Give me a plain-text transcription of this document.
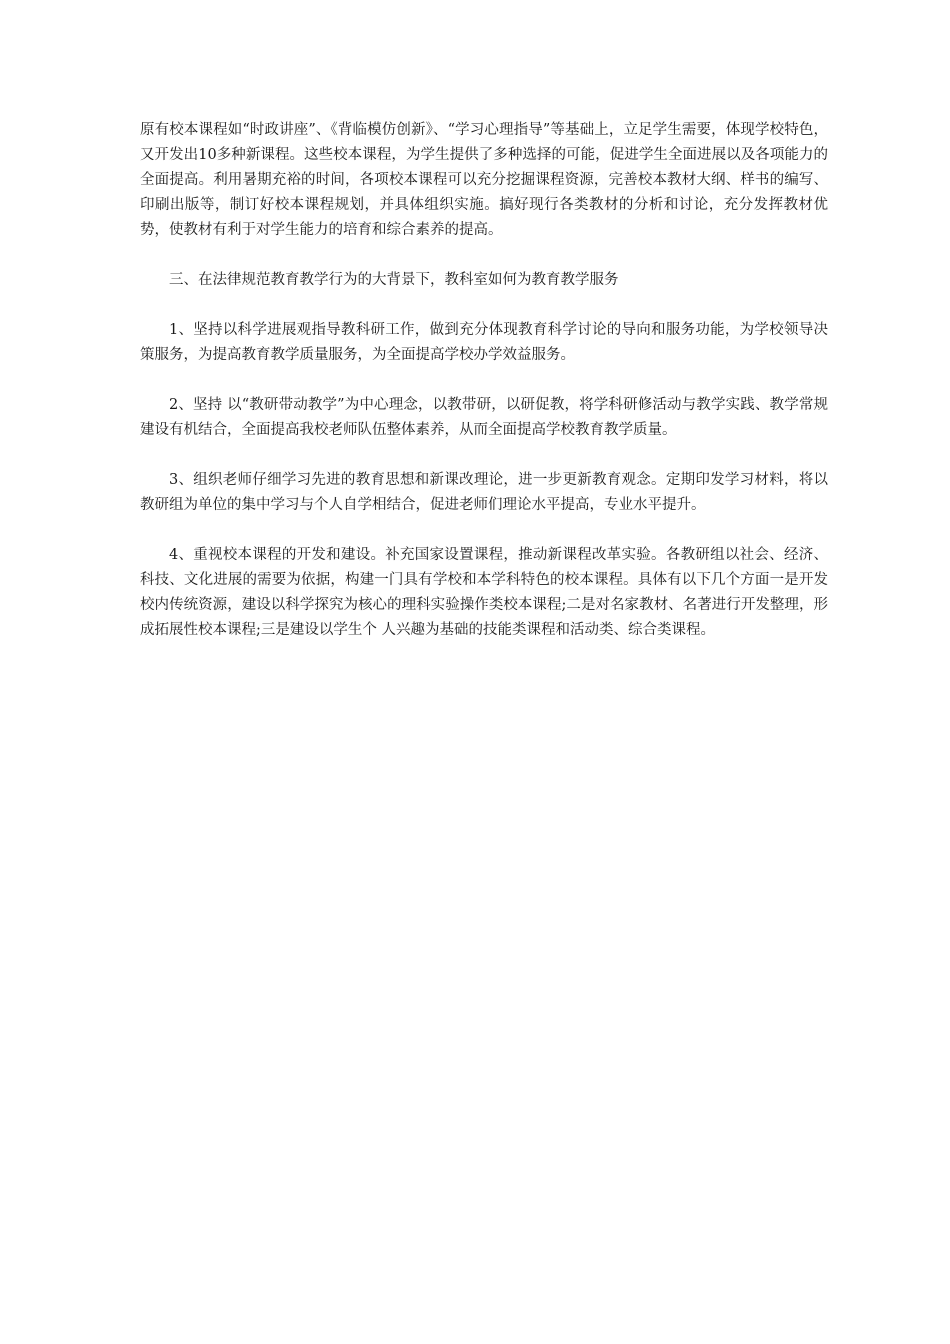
原有校本课程如“时政讲座”、《背临模仿创新》、“学习心理指导”等基础上，立足学生需要，体现学校特色，又开发出10多种新课程。这些校本课程，为学生提供了多种选择的可能，促进学生全面进展以及各项能力的全面提高。利用暑期充裕的时间，各项校本课程可以充分挖掘课程资源，完善校本教材大纲、样书的编写、印刷出版等，制订好校本课程规划，并具体组织实施。搞好现行各类教材的分析和讨论，充分发挥教材优势，使教材有利于对学生能力的培育和综合素养的提高。

三、在法律规范教育教学行为的大背景下，教科室如何为教育教学服务

1、坚持以科学进展观指导教科研工作，做到充分体现教育科学讨论的导向和服务功能，为学校领导决策服务，为提高教育教学质量服务，为全面提高学校办学效益服务。

2、坚持 以“教研带动教学”为中心理念，以教带研，以研促教，将学科研修活动与教学实践、教学常规建设有机结合，全面提高我校老师队伍整体素养，从而全面提高学校教育教学质量。

3、组织老师仔细学习先进的教育思想和新课改理论，进一步更新教育观念。定期印发学习材料，将以教研组为单位的集中学习与个人自学相结合，促进老师们理论水平提高，专业水平提升。

4、重视校本课程的开发和建设。补充国家设置课程，推动新课程改革实验。各教研组以社会、经济、科技、文化进展的需要为依据，构建一门具有学校和本学科特色的校本课程。具体有以下几个方面一是开发校内传统资源，建设以科学探究为核心的理科实验操作类校本课程;二是对名家教材、名著进行开发整理，形成拓展性校本课程;三是建设以学生个 人兴趣为基础的技能类课程和活动类、综合类课程。
